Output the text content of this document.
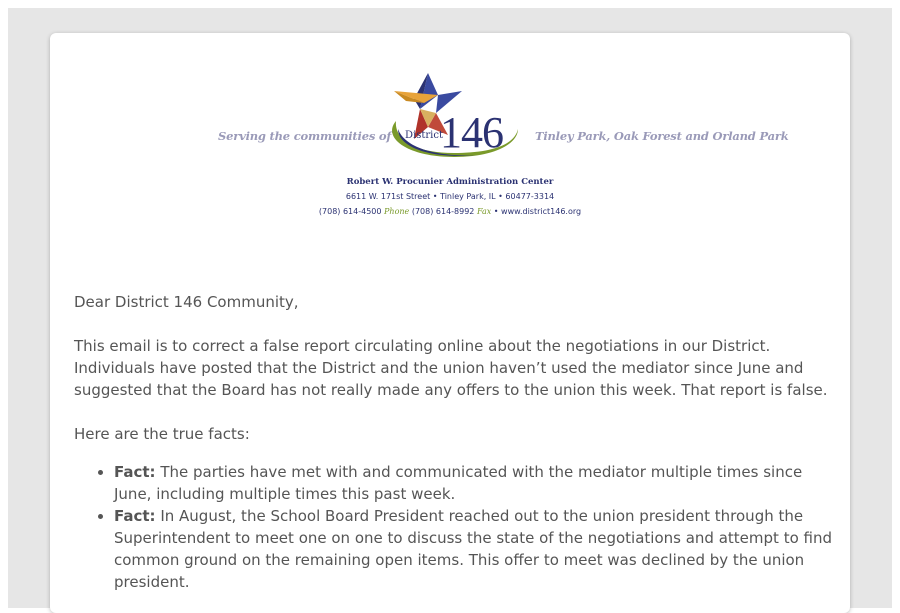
Serving the communities of District
146	Tinley Park, Oak Forest and Orland Park
Robert W. Procunier Administration Center
6611 W. 171st Street • Tinley Park, IL • 60477-3314
(708) 614-4500 Phone (708) 614-8992 Fax • www.district146.org

Dear District 146 Community,

This email is to correct a false report circulating online about the negotiations in our District. Individuals have posted that the District and the union haven’t used the mediator since June and suggested that the Board has not really made any offers to the union this week. That report is false.

Here are the true facts:

• Fact: The parties have met with and communicated with the mediator multiple times since June, including multiple times this past week.
• Fact: In August, the School Board President reached out to the union president through the Superintendent to meet one on one to discuss the state of the negotiations and attempt to find common ground on the remaining open items. This offer to meet was declined by the union president.
